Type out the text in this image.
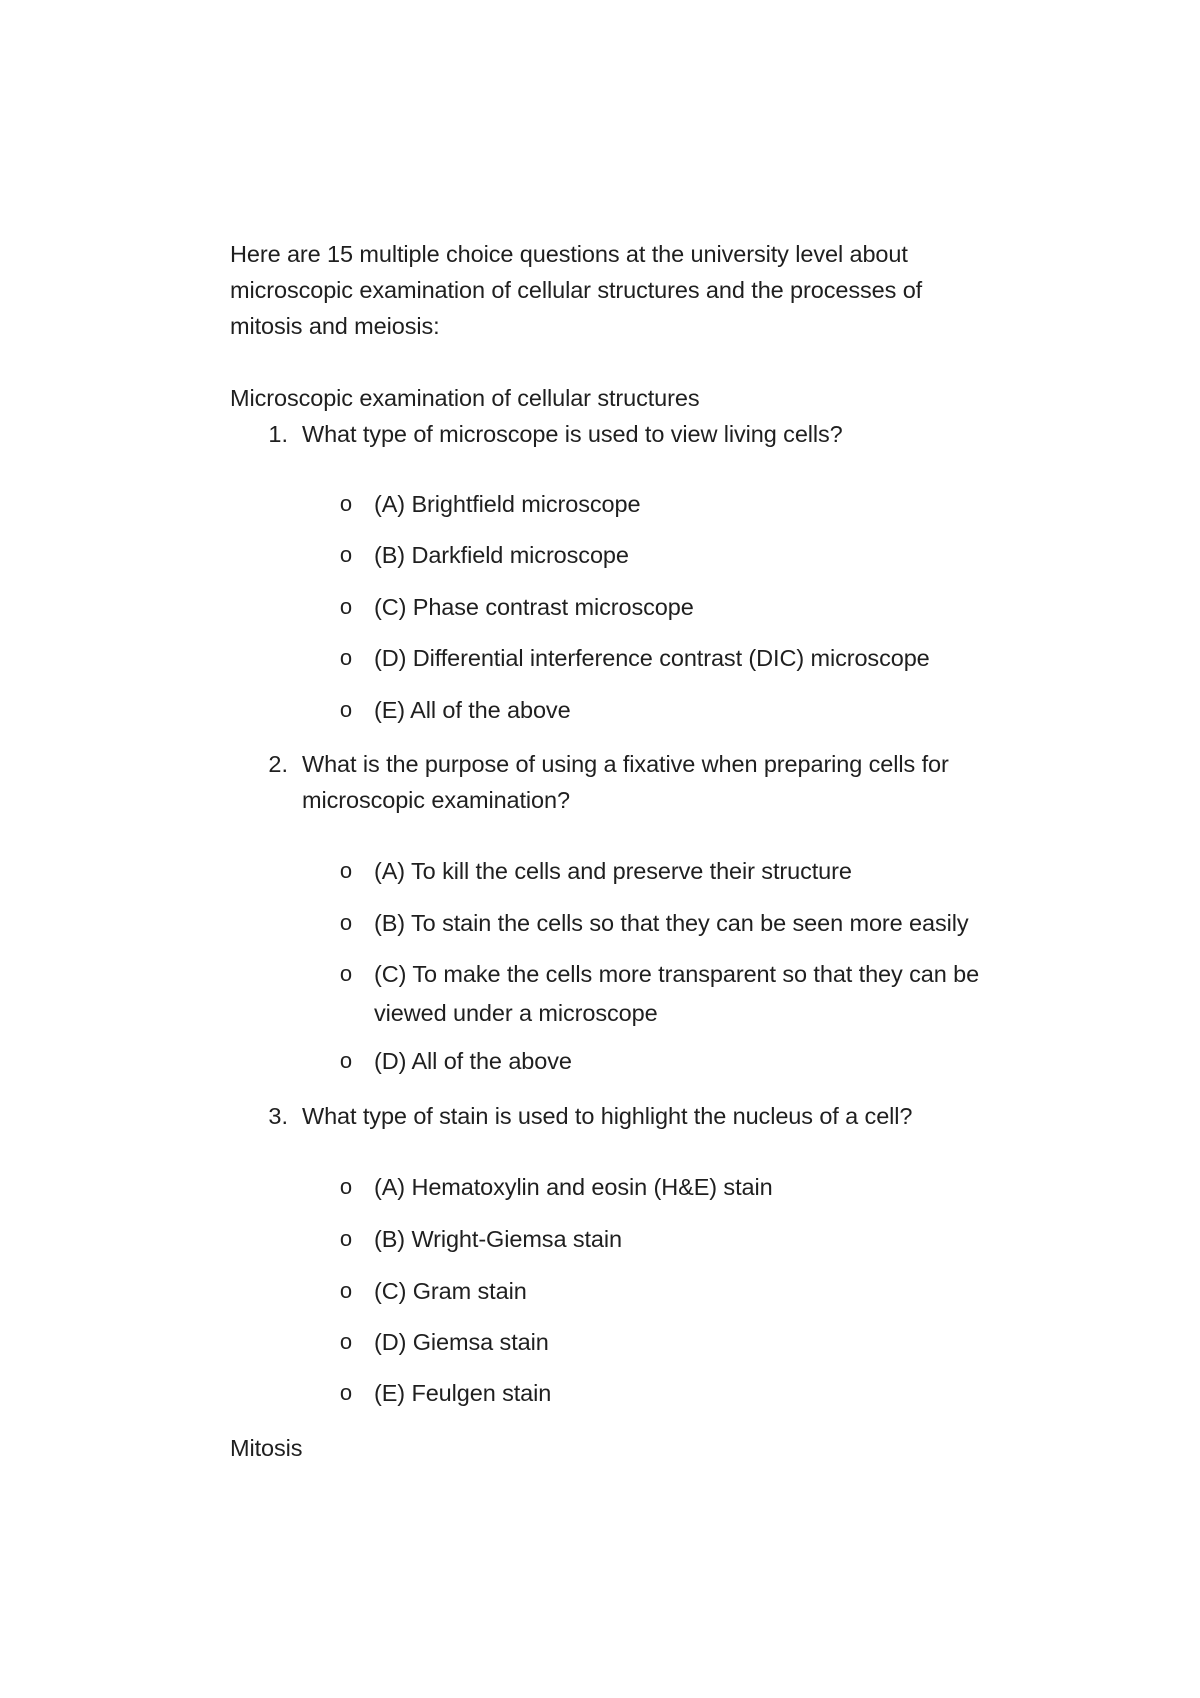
Here are 15 multiple choice questions at the university level about
microscopic examination of cellular structures and the processes of
mitosis and meiosis:
Microscopic examination of cellular structures
1. What type of microscope is used to view living cells?
o (A) Brightfield microscope
o (B) Darkfield microscope
o (C) Phase contrast microscope
o (D) Differential interference contrast (DIC) microscope
o (E) All of the above
2. What is the purpose of using a fixative when preparing cells for
microscopic examination?
o (A) To kill the cells and preserve their structure
o (B) To stain the cells so that they can be seen more easily
o (C) To make the cells more transparent so that they can be
viewed under a microscope
o (D) All of the above
3. What type of stain is used to highlight the nucleus of a cell?
o (A) Hematoxylin and eosin (H&E) stain
o (B) Wright-Giemsa stain
o (C) Gram stain
o (D) Giemsa stain
o (E) Feulgen stain
Mitosis
